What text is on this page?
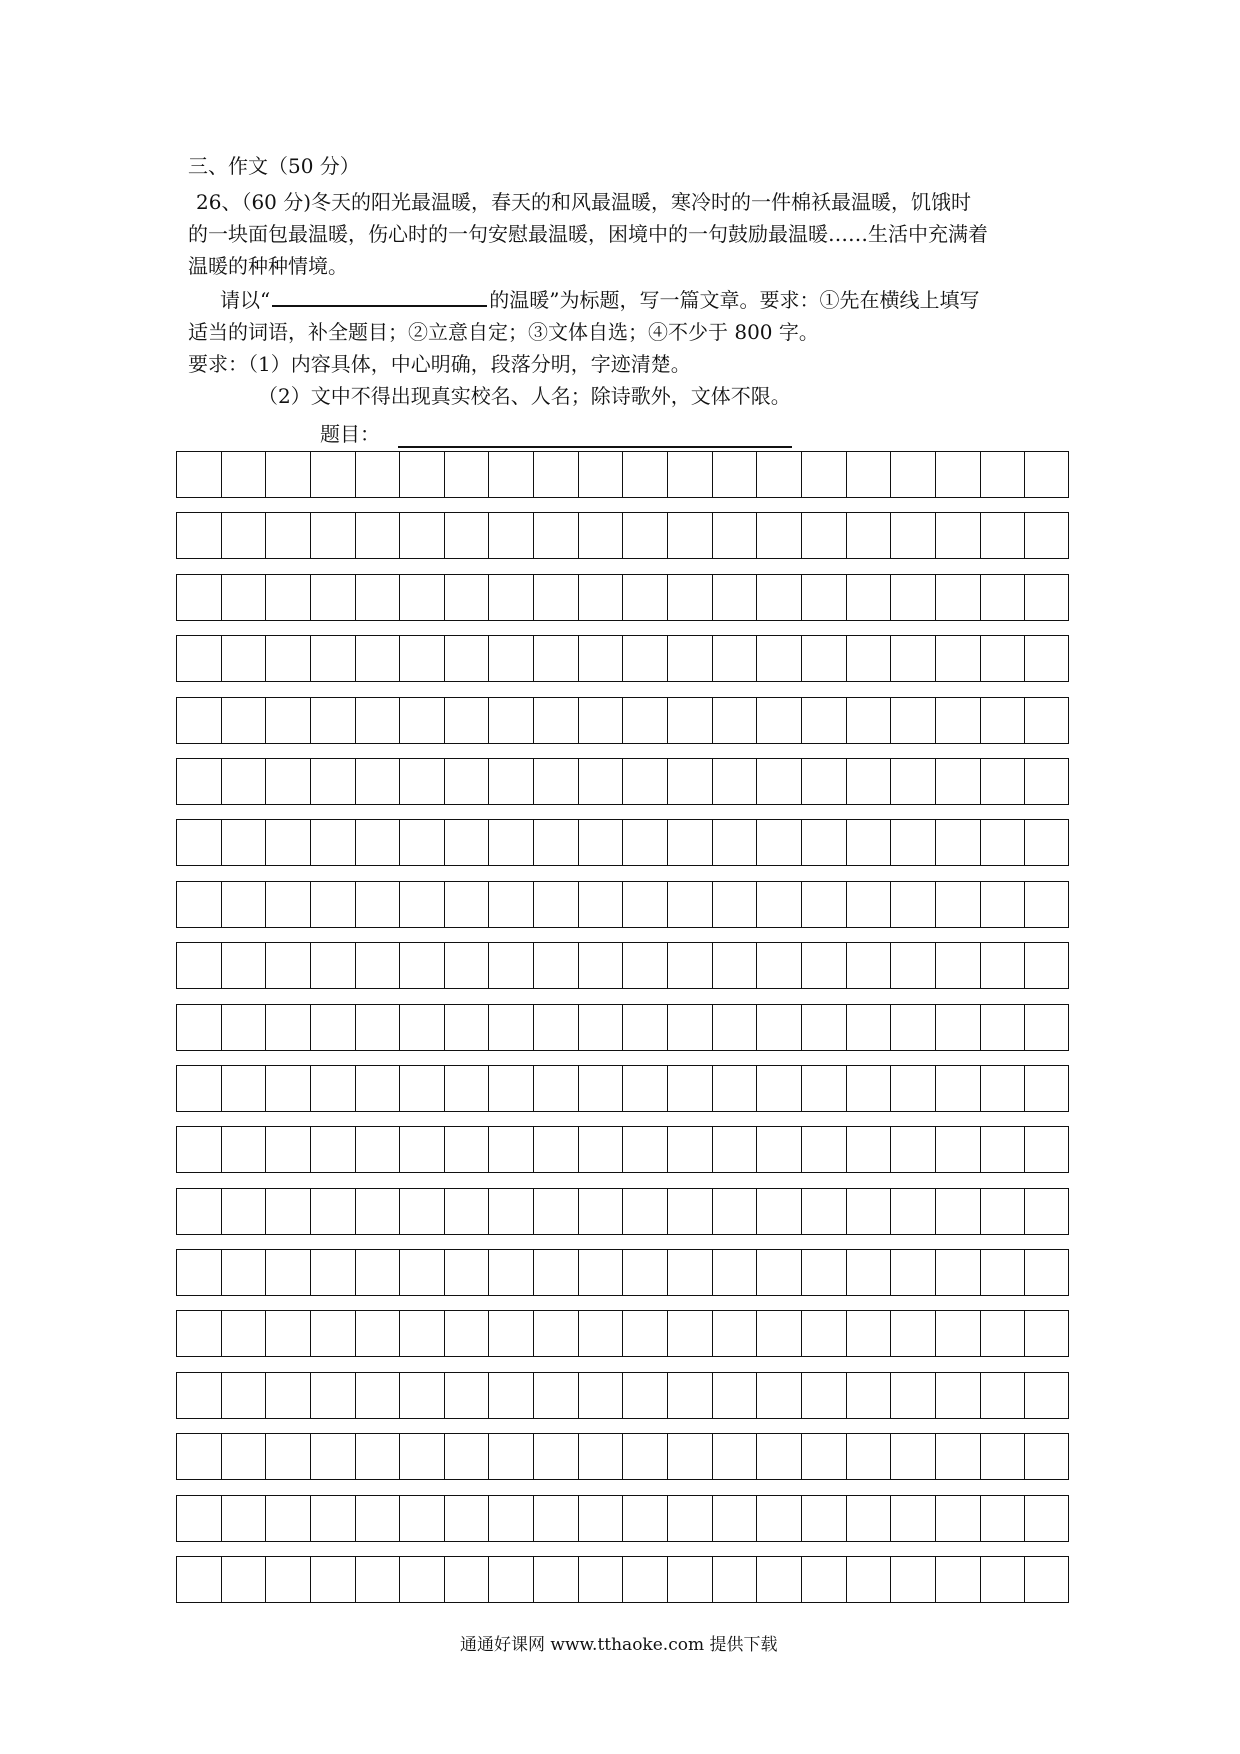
三、作文（50 分）
26、（60 分)冬天的阳光最温暖，春天的和风最温暖，寒冷时的一件棉袄最温暖，饥饿时
的一块面包最温暖，伤心时的一句安慰最温暖，困境中的一句鼓励最温暖……生活中充满着
温暖的种种情境。
请以“	的温暖”为标题，写一篇文章。要求：①先在横线上填写
适当的词语，补全题目；②立意自定；③文体自选；④不少于 800 字。
要求：（1）内容具体，中心明确，段落分明，字迹清楚。
（2）文中不得出现真实校名、人名；除诗歌外，文体不限。
题目：
通通好课网 www.tthaoke.com 提供下载
